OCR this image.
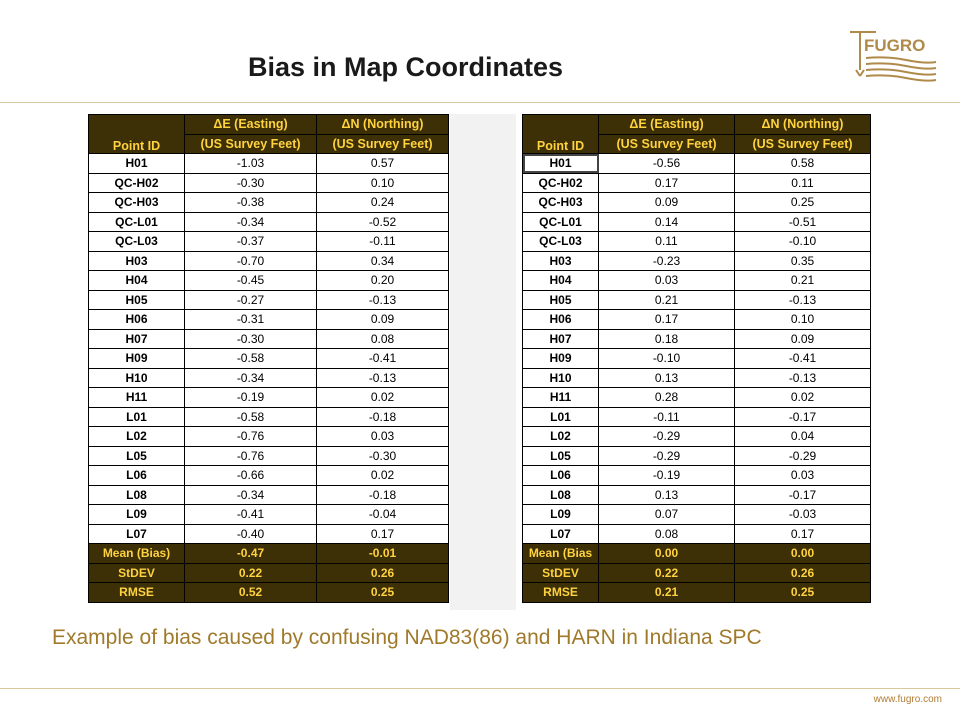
Bias in Map Coordinates
FUGRO
Point ID	ΔE (Easting)	ΔN (Northing)
	(US Survey Feet)	(US Survey Feet)
H01	-1.03	0.57
QC-H02	-0.30	0.10
QC-H03	-0.38	0.24
QC-L01	-0.34	-0.52
QC-L03	-0.37	-0.11
H03	-0.70	0.34
H04	-0.45	0.20
H05	-0.27	-0.13
H06	-0.31	0.09
H07	-0.30	0.08
H09	-0.58	-0.41
H10	-0.34	-0.13
H11	-0.19	0.02
L01	-0.58	-0.18
L02	-0.76	0.03
L05	-0.76	-0.30
L06	-0.66	0.02
L08	-0.34	-0.18
L09	-0.41	-0.04
L07	-0.40	0.17
Mean (Bias)	-0.47	-0.01
StDEV	0.22	0.26
RMSE	0.52	0.25
Point ID	ΔE (Easting)	ΔN (Northing)
	(US Survey Feet)	(US Survey Feet)
H01	-0.56	0.58
QC-H02	0.17	0.11
QC-H03	0.09	0.25
QC-L01	0.14	-0.51
QC-L03	0.11	-0.10
H03	-0.23	0.35
H04	0.03	0.21
H05	0.21	-0.13
H06	0.17	0.10
H07	0.18	0.09
H09	-0.10	-0.41
H10	0.13	-0.13
H11	0.28	0.02
L01	-0.11	-0.17
L02	-0.29	0.04
L05	-0.29	-0.29
L06	-0.19	0.03
L08	0.13	-0.17
L09	0.07	-0.03
L07	0.08	0.17
Mean (Bias	0.00	0.00
StDEV	0.22	0.26
RMSE	0.21	0.25
Example of bias caused by confusing NAD83(86) and HARN in Indiana SPC
www.fugro.com
